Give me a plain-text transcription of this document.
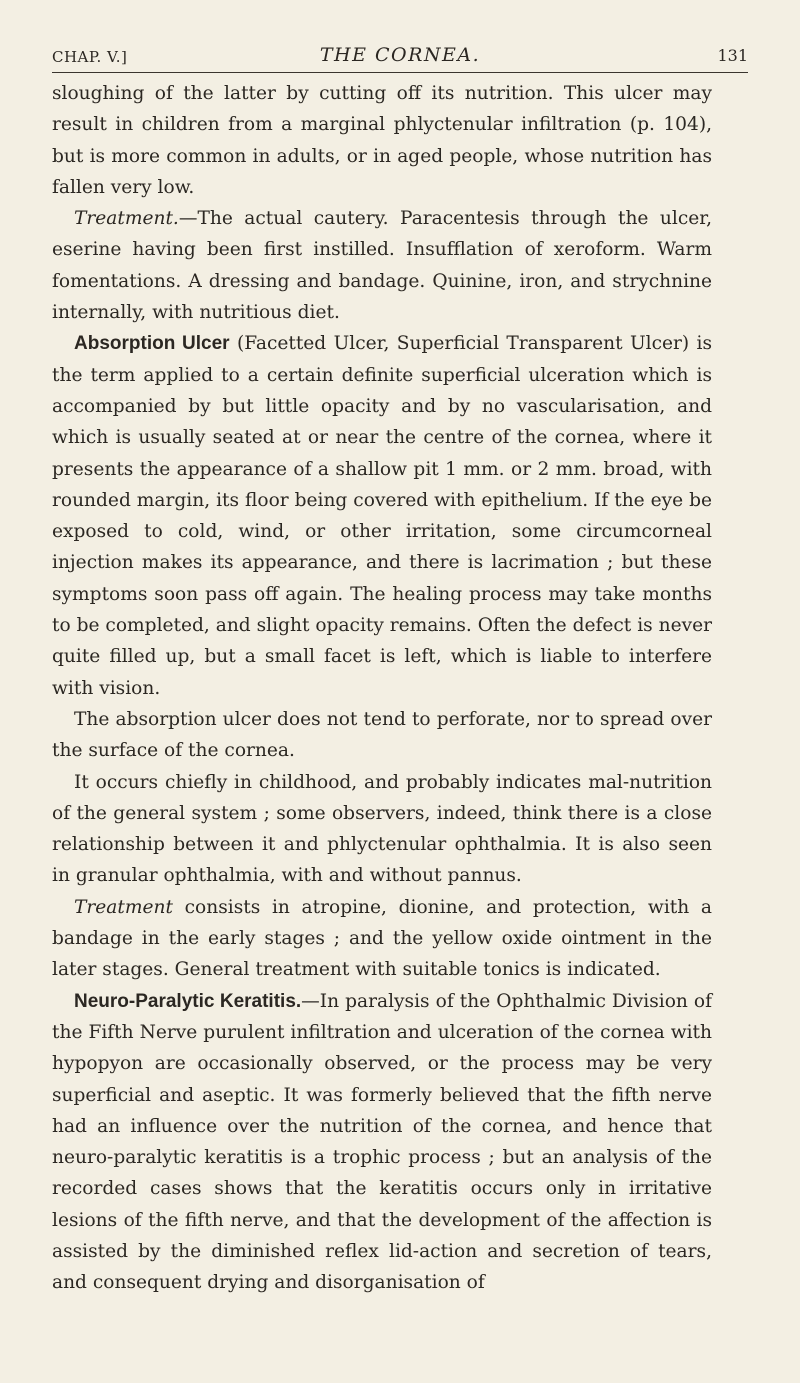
CHAP. V.]	THE CORNEA.	131

sloughing of the latter by cutting off its nutrition. This ulcer may result in children from a marginal phlyctenular infiltration (p. 104), but is more common in adults, or in aged people, whose nutrition has fallen very low.

Treatment.—The actual cautery. Paracentesis through the ulcer, eserine having been first instilled. Insufflation of xeroform. Warm fomentations. A dressing and bandage. Quinine, iron, and strychnine internally, with nutritious diet.

Absorption Ulcer (Facetted Ulcer, Superficial Transparent Ulcer) is the term applied to a certain definite superficial ulceration which is accompanied by but little opacity and by no vascularisation, and which is usually seated at or near the centre of the cornea, where it presents the appearance of a shallow pit 1 mm. or 2 mm. broad, with rounded margin, its floor being covered with epithelium. If the eye be exposed to cold, wind, or other irritation, some circumcorneal injection makes its appearance, and there is lacrimation ; but these symptoms soon pass off again. The healing process may take months to be completed, and slight opacity remains. Often the defect is never quite filled up, but a small facet is left, which is liable to interfere with vision.

The absorption ulcer does not tend to perforate, nor to spread over the surface of the cornea.

It occurs chiefly in childhood, and probably indicates mal-nutrition of the general system ; some observers, indeed, think there is a close relationship between it and phlyctenular ophthalmia. It is also seen in granular ophthalmia, with and without pannus.

Treatment consists in atropine, dionine, and protection, with a bandage in the early stages ; and the yellow oxide ointment in the later stages. General treatment with suitable tonics is indicated.

Neuro-Paralytic Keratitis.—In paralysis of the Ophthalmic Division of the Fifth Nerve purulent infiltration and ulceration of the cornea with hypopyon are occasionally observed, or the process may be very superficial and aseptic. It was formerly believed that the fifth nerve had an influence over the nutrition of the cornea, and hence that neuro-paralytic keratitis is a trophic process ; but an analysis of the recorded cases shows that the keratitis occurs only in irritative lesions of the fifth nerve, and that the development of the affection is assisted by the diminished reflex lid-action and secretion of tears, and consequent drying and disorganisation of
